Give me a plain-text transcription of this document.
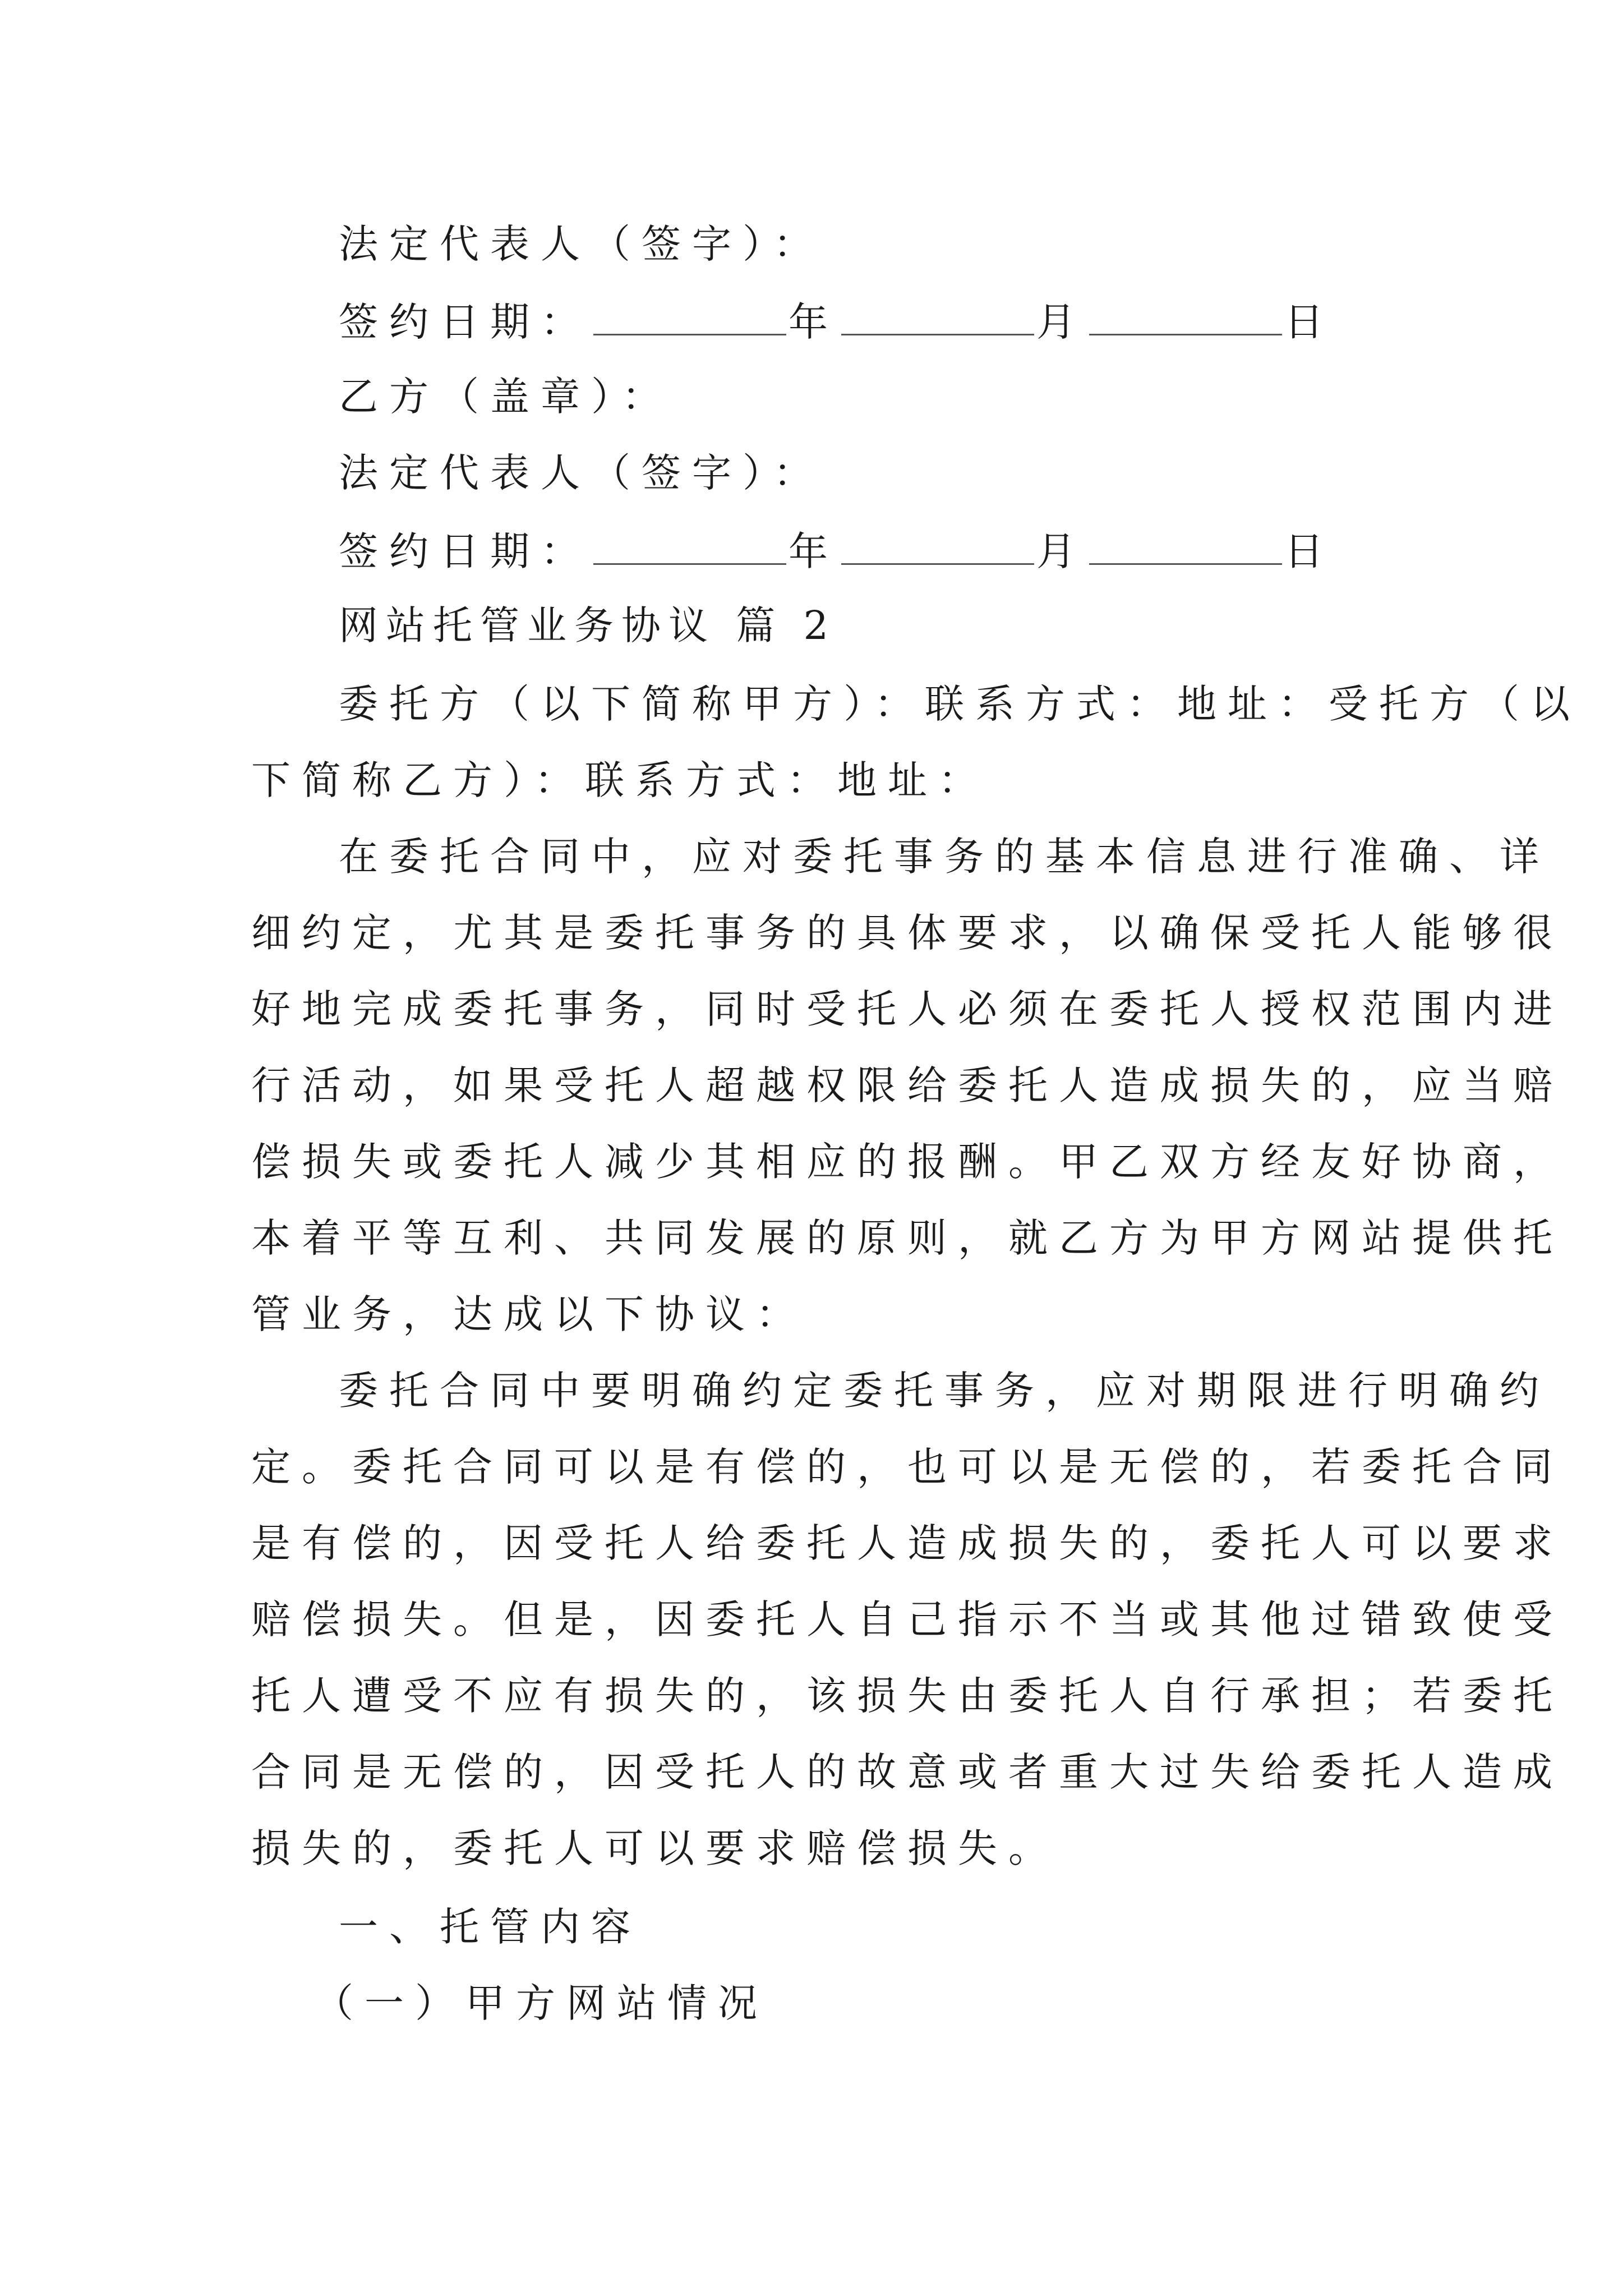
法定代表人（签字）：
签约日期：	年	月	日
乙方（盖章）：
法定代表人（签字）：
签约日期：	年	月	日
网站托管业务协议 篇 2
委托方（以下简称甲方）：联系方式：地址：受托方（以
下简称乙方）：联系方式：地址：
在委托合同中，应对委托事务的基本信息进行准确、详
细约定，尤其是委托事务的具体要求，以确保受托人能够很
好地完成委托事务，同时受托人必须在委托人授权范围内进
行活动，如果受托人超越权限给委托人造成损失的，应当赔
偿损失或委托人减少其相应的报酬。甲乙双方经友好协商，
本着平等互利、共同发展的原则，就乙方为甲方网站提供托
管业务，达成以下协议：
委托合同中要明确约定委托事务，应对期限进行明确约
定。委托合同可以是有偿的，也可以是无偿的，若委托合同
是有偿的，因受托人给委托人造成损失的，委托人可以要求
赔偿损失。但是，因委托人自己指示不当或其他过错致使受
托人遭受不应有损失的，该损失由委托人自行承担；若委托
合同是无偿的，因受托人的故意或者重大过失给委托人造成
损失的，委托人可以要求赔偿损失。
一、托管内容
（一）甲方网站情况
